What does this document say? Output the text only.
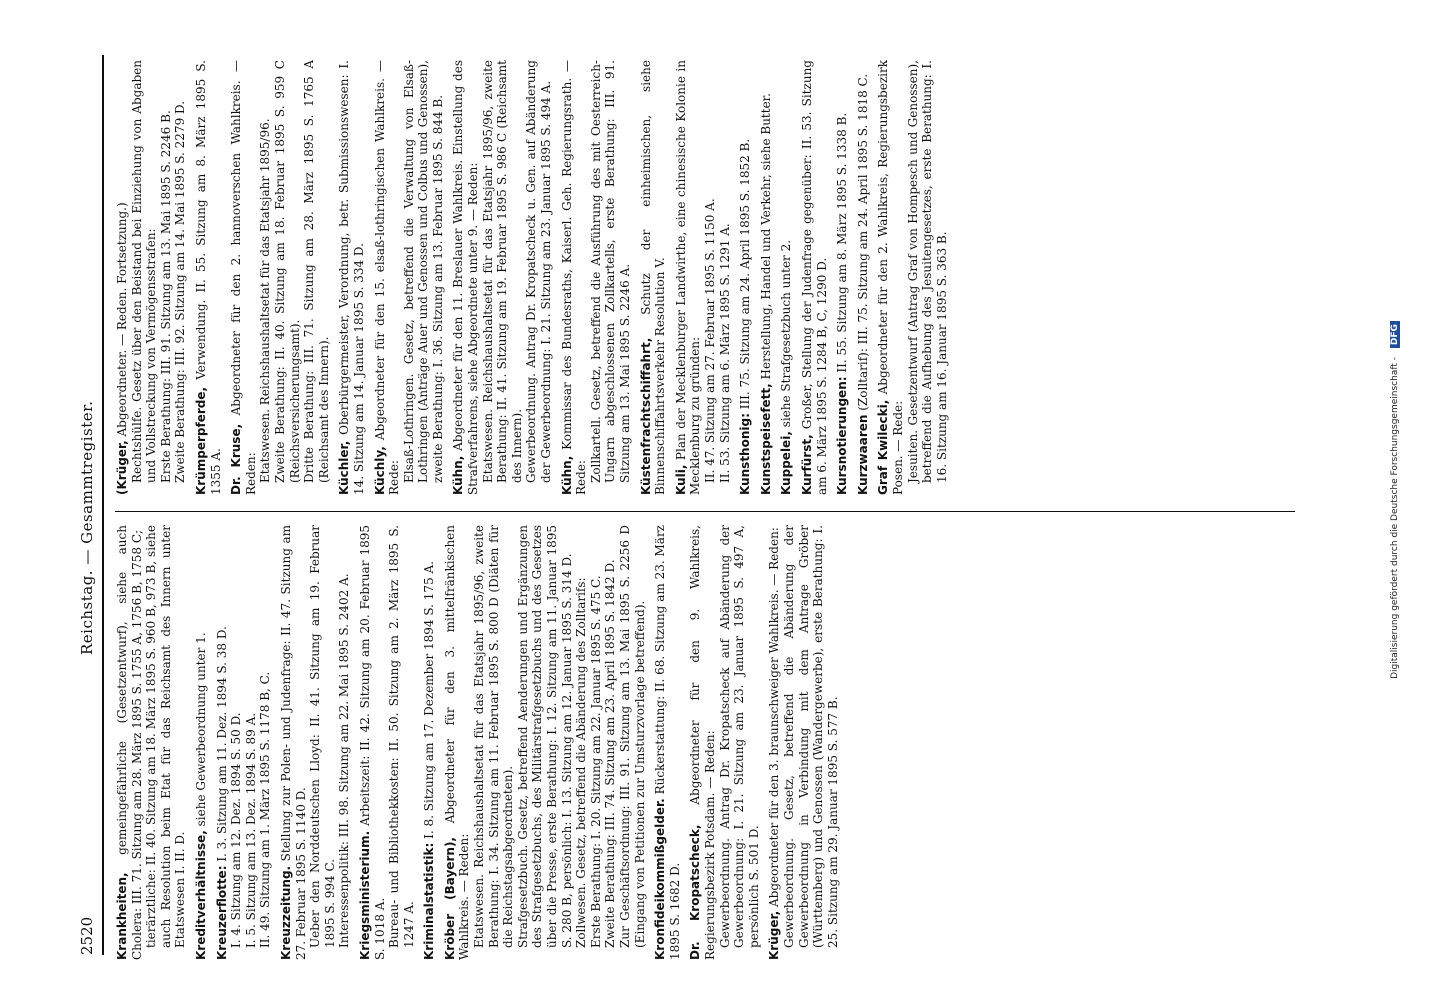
2520
Reichstag. — Gesammtregister.
Krankheiten, gemeingefährliche (Gesetzentwurf), siehe auch Cholera: III. 71. Sitzung am 28. März 1895 S. 1755 A, 1756 B, 1758 C; tierärztliche: II. 40. Sitzung am 18. März 1895 S. 960 B, 973 B, siehe auch Resolution beim Etat für das Reichsamt des Innern unter Etatswesen I. II. D. Kreditverhältnisse, siehe Gewerbeordnung unter 1.
Kreuzerflotte: I. 3. Sitzung am 11. Dez. 1894 S. 38 D. I. 4. Sitzung am 12. Dez. 1894 S. 50 D. I. 5. Sitzung am 13. Dez. 1894 S. 89 A. II. 49. Sitzung am 1. März 1895 S. 1178 B, C. Kreuzzeitung. Stellung zur Polen- und Judenfrage: II. 47. Sitzung am 27. Februar 1895 S. 1140 D. Ueber den Norddeutschen Lloyd: II. 41. Sitzung am 19. Februar 1895 S. 994 C. Interessenpolitik: III. 98. Sitzung am 22. Mai 1895 S. 2402 A. Kriegsministerium. Arbeitszeit: II. 42. Sitzung am 20. Februar 1895 S. 1018 A. Bureau- und Bibliothekkosten: II. 50. Sitzung am 2. März 1895 S. 1247 A. Kriminalstatistik: I. 8. Sitzung am 17. Dezember 1894 S. 175 A.
Kröber (Bayern), Abgeordneter für den 3. mittelfränkischen Wahlkreis. — Reden: Etatswesen. Reichshaushaltsetat für das Etatsjahr 1895/96, zweite Berathung: I. 34. Sitzung am 11. Februar 1895 S. 800 D (Diäten für die Reichstagsabgeordneten). Strafgesetzbuch. Gesetz, betreffend Aenderungen und Ergänzungen des Strafgesetzbuchs, des Militärstrafgesetzbuchs und des Gesetzes über die Presse, erste Berathung: I. 12. Sitzung am 11. Januar 1895 S. 280 B, persönlich: I. 13. Sitzung am 12. Januar 1895 S. 314 D. Zollwesen. Gesetz, betreffend die Abänderung des Zolltarifs: Erste Berathung: I. 20. Sitzung am 22. Januar 1895 S. 475 C. Zweite Berathung: III. 74. Sitzung am 23. April 1895 S. 1842 D. Zur Geschäftsordnung: III. 91. Sitzung am 13. Mai 1895 S. 2256 D (Eingang von Petitionen zur Umsturzvorlage betreffend). Kronfideikommißgelder. Rückerstattung: II. 68. Sitzung am 23. März 1895 S. 1682 D. Dr. Kropatscheck, Abgeordneter für den 9. Wahlkreis, Regierungsbezirk Potsdam. — Reden: Gewerbeordnung. Antrag Dr. Kropatscheck auf Abänderung der Gewerbeordnung: I. 21. Sitzung am 23. Januar 1895 S. 497 A, persönlich S. 501 D. Krüger, Abgeordneter für den 3. braunschweiger Wahlkreis. — Reden: Gewerbeordnung. Gesetz, betreffend die Abänderung der Gewerbeordnung in Verbindung mit dem Antrage Gröber (Württemberg) und Genossen (Wandergewerbe), erste Berathung: I. 25. Sitzung am 29. Januar 1895 S. 577 B.
(Krüger, Abgeordneter. — Reden. Fortsetzung.) Rechtshülfe. Gesetz über den Beistand bei Einziehung von Abgaben und Vollstreckung von Vermögensstrafen: Erste Berathung: III. 91. Sitzung am 13. Mai 1895 S. 2246 B. Zweite Berathung: III. 92. Sitzung am 14. Mai 1895 S. 2279 D. Krümperpferde, Verwendung. II. 55. Sitzung am 8. März 1895 S. 1355 A. Dr. Kruse, Abgeordneter für den 2. hannoverschen Wahlkreis. — Reden: Etatswesen. Reichshaushaltsetat für das Etatsjahr 1895/96. Zweite Berathung: II. 40. Sitzung am 18. Februar 1895 S. 959 C (Reichsversicherungsamt). Dritte Berathung: III. 71. Sitzung am 28. März 1895 S. 1765 A (Reichsamt des Innern). Küchler, Oberbürgermeister, Verordnung, betr. Submissionswesen: I. 14. Sitzung am 14. Januar 1895 S. 334 D. Küchly, Abgeordneter für den 15. elsaß-lothringischen Wahlkreis. — Rede: Elsaß-Lothringen. Gesetz, betreffend die Verwaltung von Elsaß-Lothringen (Anträge Auer und Genossen und Colbus und Genossen), zweite Berathung: I. 36. Sitzung am 13. Februar 1895 S. 844 B. Kühn, Abgeordneter für den 11. Breslauer Wahlkreis. Einstellung des Strafverfahrens, siehe Abgeordnete unter 9. — Reden: Etatswesen. Reichshaushaltsetat für das Etatsjahr 1895/96, zweite Berathung: II. 41. Sitzung am 19. Februar 1895 S. 986 C (Reichsamt des Innern). Gewerbeordnung. Antrag Dr. Kropatscheck u. Gen. auf Abänderung der Gewerbeordnung: I. 21. Sitzung am 23. Januar 1895 S. 494 A. Kühn, Kommissar des Bundesraths, Kaiserl. Geh. Regierungsrath. — Rede: Zollkartell. Gesetz, betreffend die Ausführung des mit Oesterreich-Ungarn abgeschlossenen Zollkartells, erste Berathung: III. 91. Sitzung am 13. Mai 1895 S. 2246 A. Küstenfrachtschiffahrt, Schutz der einheimischen, siehe Binnenschiffahrtsverkehr Resolution V. Kuli, Plan der Mecklenburger Landwirthe, eine chinesische Kolonie in Mecklenburg zu gründen: II. 47. Sitzung am 27. Februar 1895 S. 1150 A. II. 53. Sitzung am 6. März 1895 S. 1291 A. Kunsthonig: III. 75. Sitzung am 24. April 1895 S. 1852 B.
Kunstspeisefett, Herstellung, Handel und Verkehr, siehe Butter.
Kuppelei, siehe Strafgesetzbuch unter 2.
Kurfürst, Großer, Stellung der Judenfrage gegenüber: II. 53. Sitzung am 6. März 1895 S. 1284 B, C, 1290 D. Kursnotierungen: II. 55. Sitzung am 8. März 1895 S. 1338 B.
Kurzwaaren (Zolltarif): III. 75. Sitzung am 24. April 1895 S. 1818 C.
Graf Kwilecki, Abgeordneter für den 2. Wahlkreis, Regierungsbezirk Posen. — Rede: Jesuiten. Gesetzentwurf (Antrag Graf von Hompesch und Genossen), betreffend die Aufhebung des Jesuitengesetzes, erste Berathung: I. 16. Sitzung am 16. Januar 1895 S. 363 B.	Digitalisierung gefördert durch die Deutsche Forschungsgemeinschaft - DFG
